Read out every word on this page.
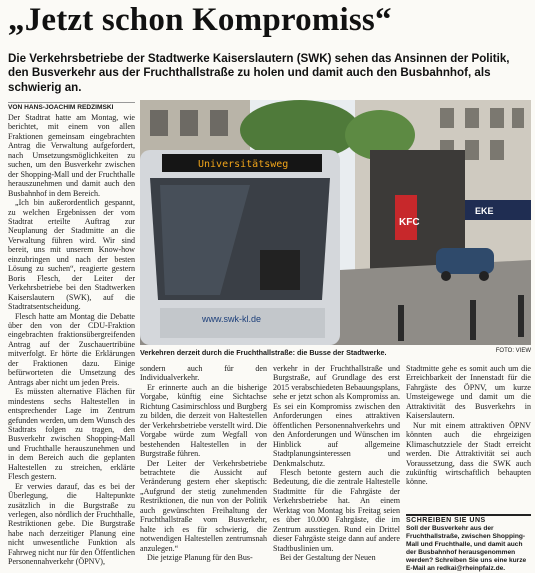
„Jetzt schon Kompromiss“
Die Verkehrsbetriebe der Stadtwerke Kaiserslautern (SWK) sehen das Ansinnen der Politik, den Busverkehr aus der Fruchthallstraße zu holen und damit auch den Busbahnhof, als schwierig an.
VON HANS-JOACHIM REDZIMSKI

Der Stadtrat hatte am Montag, wie berichtet, mit einem von allen Fraktionen gemeinsam eingebrachten Antrag die Verwaltung aufgefordert, nach Umsetzungsmöglichkeiten zu suchen, um den Busverkehr zwischen der Shopping-Mall und der Fruchthalle herauszunehmen und damit auch den Busbahnhof in dem Bereich.

„Ich bin außerordentlich gespannt, zu welchen Ergebnissen der vom Stadtrat erteilte Auftrag zur Neuplanung der Stadtmitte an die Verwaltung führen wird. Wir sind bereit, uns mit unserem Know-how einzubringen und nach der besten Lösung zu suchen“, reagierte gestern Boris Flesch, der Leiter der Verkehrsbetriebe bei den Stadtwerken Kaiserslautern (SWK), auf die Stadtratsentscheidung.

Flesch hatte am Montag die Debatte über den von der CDU-Fraktion eingebrachten fraktionsübergreifenden Antrag auf der Zuschauertribüne mitverfolgt. Er hörte die Erklärungen der Fraktionen dazu. Einige befürworteten die Umsetzung des Antrags aber nicht um jeden Preis.

Es müssten alternative Flächen für mindestens sechs Haltestellen in entsprechender Lage im Zentrum gefunden werden, um dem Wunsch des Stadtrats folgen zu tragen, den Busverkehr zwischen Shopping-Mall und Fruchthalle herauszunehmen und in dem Bereich auch die geplanten Haltestellen zu streichen, erklärte Flesch gestern.

Er verwies darauf, das es bei der Überlegung, die Haltepunkte zusätzlich in die Burgstraße zu verlegen, also nördlich der Fruchthalle, Restriktionen gebe. Die Burgstraße habe nach derzeitiger Planung eine nicht unwesentliche Funktion als Fahrweg nicht nur für den Öffentlichen Personennahverkehr (ÖPNV),

KFC
EKE
Universitätsweg
www.swk-kl.de
Verkehren derzeit durch die Fruchthallstraße: die Busse der Stadtwerke.	FOTO: VIEW

sondern auch für den Individualverkehr.

Er erinnerte auch an die bisherige Vorgabe, künftig eine Sichtachse Richtung Casimirschloss und Burgberg zu bilden, die derzeit von Haltestellen der Verkehrsbetriebe verstellt wird. Die Vorgabe würde zum Wegfall von bestehenden Haltestellen in der Burgstraße führen.

Der Leiter der Verkehrsbetriebe betrachtete die Aussicht auf Veränderung gestern eher skeptisch: „Aufgrund der stetig zunehmenden Restriktionen, die nun von der Politik auch gewünschten Freihaltung der Fruchthallstraße vom Busverkehr, halte ich es für schwierig, die notwendigen Haltestellen zentrumsnah anzulegen.“

Die jetzige Planung für den Bus-

verkehr in der Fruchthallstraße und Burgstraße, auf Grundlage des erst 2015 verabschiedeten Bebauungsplans, sehe er jetzt schon als Kompromiss an. Es sei ein Kompromiss zwischen den Anforderungen eines attraktiven öffentlichen Personennahverkehrs und den Anforderungen und Wünschen im Hinblick auf allgemeine Stadtplanungsinteressen und Denkmalschutz.

Flesch betonte gestern auch die Bedeutung, die die zentrale Haltestelle Stadtmitte für die Fahrgäste der Verkehrsbetriebe hat. An einem Werktag von Montag bis Freitag seien es über 10.000 Fahrgäste, die im Zentrum ausstiegen. Rund ein Drittel dieser Fahrgäste steige dann auf andere Stadtbuslinien um.

Bei der Gestaltung der Neuen

Stadtmitte gehe es somit auch um die Erreichbarkeit der Innenstadt für die Fahrgäste des ÖPNV, um kurze Umsteigewege und damit um die Attraktivität des Busverkehrs in Kaiserslautern.

Nur mit einem attraktiven ÖPNV könnten auch die ehrgeizigen Klimaschutzziele der Stadt erreicht werden. Die Attraktivität sei auch Voraussetzung, dass die SWK auch zukünftig wirtschaftlich behaupten könne.

SCHREIBEN SIE UNS
Soll der Busverkehr aus der Fruchthallstraße, zwischen Shopping-Mall und Fruchthalle, und damit auch der Busbahnhof herausgenommen werden? Schreiben Sie uns eine kurze E-Mail an redkai@rheinpfalz.de.
